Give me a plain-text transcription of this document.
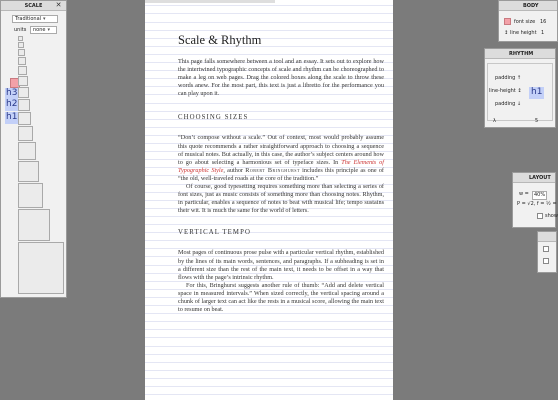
SCALE ✕
Traditional ▾
units	none ▾
h3
h2
h1
Scale & Rhythm

This page falls somewhere between a tool and an essay. It sets out to explore how the intertwined typographic concepts of scale and rhythm can be choreographed to make a leg on web pages. Drag the colored boxes along the scale to throw these words anew. For the most part, this text is just a libretto for the performance you can play upon it.

CHOOSING SIZES

“Don’t compose without a scale.” Out of context, most would probably assume this quote recommends a rather straightforward approach to choosing a sequence of musical notes. But actually, in this case, the author’s subject centers around how to go about selecting a harmonious set of typeface sizes. In The Elements of Typographic Style, author Robert Bringhurst includes this principle as one of “the old, well-traveled roads at the core of the tradition.”

Of course, good typesetting requires something more than selecting a series of font sizes, just as music consists of something more than choosing notes. Rhythm, in particular, enables a sequence of notes to beat with musical life; tempo sustains their wit. It is much the same for the world of letters.

VERTICAL TEMPO

Most pages of continuous prose pulse with a particular vertical rhythm, established by the lines of its main words, sentences, and paragraphs. If a subheading is set in a different size than the rest of the main text, it needs to be offset in a way that flows with the page’s intrinsic rhythm.

For this, Bringhurst suggests another rule of thumb: “Add and delete vertical space in measured intervals.” When sized correctly, the vertical spacing around a chunk of larger text can act like the rests in a musical score, allowing the main text to resume on beat.

BODY
font size 16
↕ line height 1
RHYTHM
padding ↑
line-height ↕
padding ↓
h1
λ	5
LAYOUT
w =	40%
P = √2, f = ½ =
show
